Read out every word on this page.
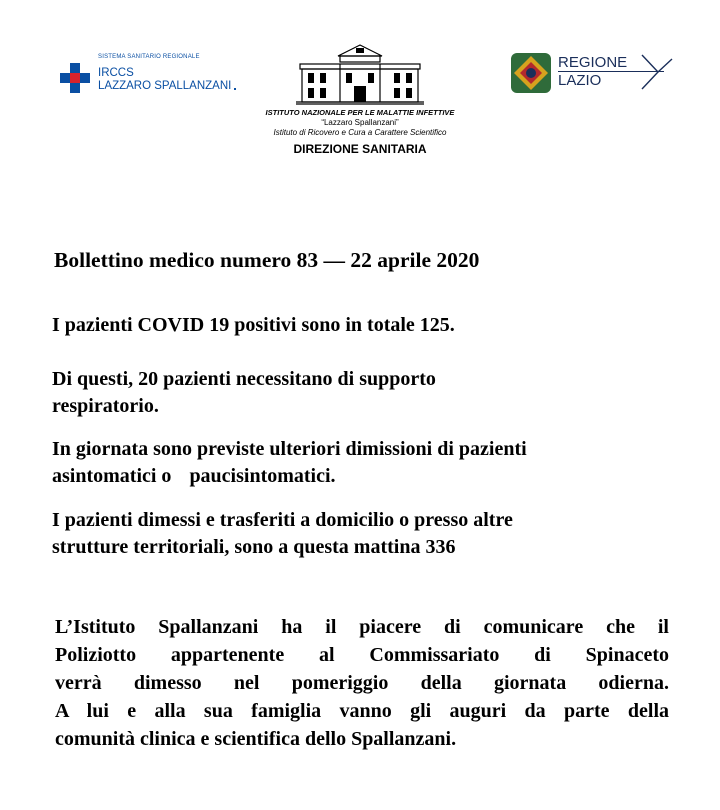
SISTEMA SANITARIO REGIONALE
IRCCS
LAZZARO SPALLANZANI
ISTITUTO NAZIONALE PER LE MALATTIE INFETTIVE
“Lazzaro Spallanzani”
Istituto di Ricovero e Cura a Carattere Scientifico
DIREZIONE SANITARIA
REGIONE
LAZIO
Bollettino medico numero 83 — 22 aprile 2020
I pazienti COVID 19 positivi sono in totale 125.
Di questi, 20 pazienti necessitano di supporto
respiratorio.
In giornata sono previste ulteriori dimissioni di pazienti
asintomatici o paucisintomatici.
I pazienti dimessi e trasferiti a domicilio o presso altre
strutture territoriali, sono a questa mattina 336
L’Istituto Spallanzani ha il piacere di comunicare che il
Poliziotto appartenente al Commissariato di Spinaceto
verrà dimesso nel pomeriggio della giornata odierna.
A lui e alla sua famiglia vanno gli auguri da parte della
comunità clinica e scientifica dello Spallanzani.
